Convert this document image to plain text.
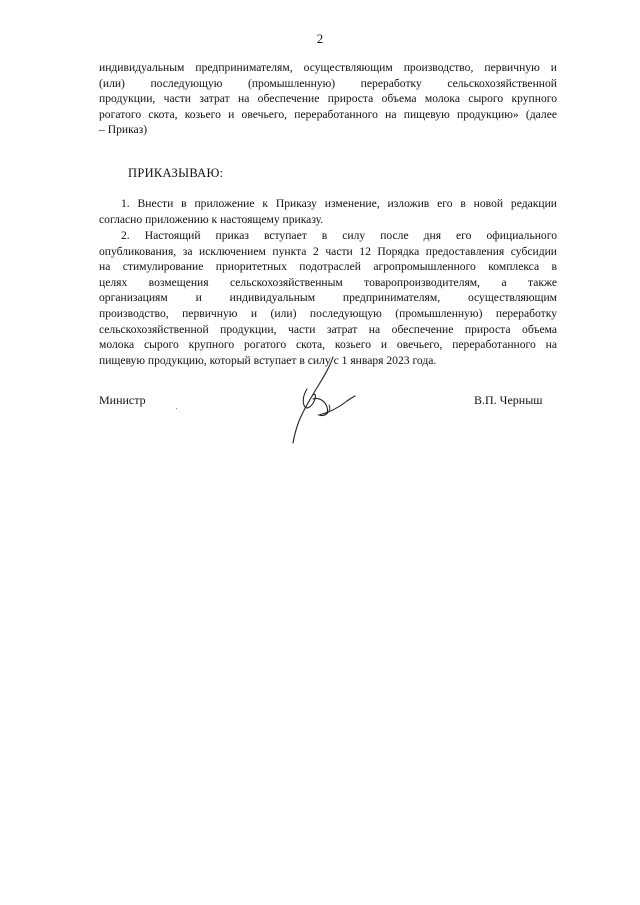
2
индивидуальным предпринимателям, осуществляющим производство, первичную и
(или) последующую (промышленную) переработку сельскохозяйственной
продукции, части затрат на обеспечение прироста объема молока сырого крупного
рогатого скота, козьего и овечьего, переработанного на пищевую продукцию» (далее
– Приказ)
ПРИКАЗЫВАЮ:
1. Внести в приложение к Приказу изменение, изложив его в новой редакции
согласно приложению к настоящему приказу.
2. Настоящий приказ вступает в силу после дня его официального
опубликования, за исключением пункта 2 части 12 Порядка предоставления субсидии
на стимулирование приоритетных подотраслей агропромышленного комплекса в
целях возмещения сельскохозяйственным товаропроизводителям, а также
организациям и индивидуальным предпринимателям, осуществляющим
производство, первичную и (или) последующую (промышленную) переработку
сельскохозяйственной продукции, части затрат на обеспечение прироста объема
молока сырого крупного рогатого скота, козьего и овечьего, переработанного на
пищевую продукцию, который вступает в силу с 1 января 2023 года.
Министр	В.П. Черныш
